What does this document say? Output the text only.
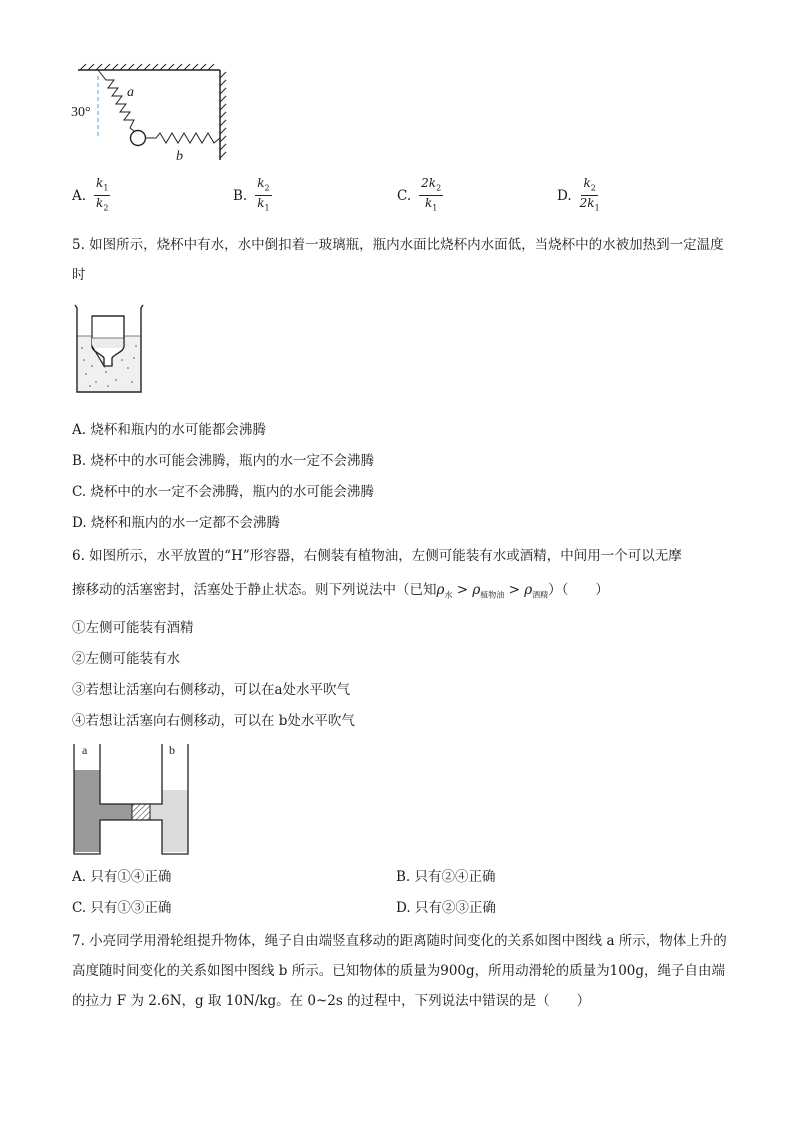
30°
a
b
A. $\frac{k_1}{k_2}$	B. $\frac{k_2}{k_1}$	C. $\frac{2k_2}{k_1}$	D. $\frac{k_2}{2k_1}$
5. 如图所示，烧杯中有水，水中倒扣着一玻璃瓶，瓶内水面比烧杯内水面低，当烧杯中的水被加热到一定温度时
A. 烧杯和瓶内的水可能都会沸腾
B. 烧杯中的水可能会沸腾，瓶内的水一定不会沸腾
C. 烧杯中的水一定不会沸腾，瓶内的水可能会沸腾
D. 烧杯和瓶内的水一定都不会沸腾
6. 如图所示，水平放置的“H”形容器，右侧装有植物油，左侧可能装有水或酒精，中间用一个可以无摩
擦移动的活塞密封，活塞处于静止状态。则下列说法中（已知$\rho_水 > \rho_{植物油} > \rho_{酒精}$）（　　）
①左侧可能装有酒精
②左侧可能装有水
③若想让活塞向右侧移动，可以在a处水平吹气
④若想让活塞向右侧移动，可以在 b处水平吹气
a	b
A. 只有①④正确	B. 只有②④正确
C. 只有①③正确	D. 只有②③正确
7. 小亮同学用滑轮组提升物体，绳子自由端竖直移动的距离随时间变化的关系如图中图线 a 所示，物体上升的高度随时间变化的关系如图中图线 b 所示。已知物体的质量为900g，所用动滑轮的质量为100g，绳子自由端的拉力 F 为 2.6N，g 取 10N/kg。在 0~2s 的过程中，下列说法中错误的是（　　）
